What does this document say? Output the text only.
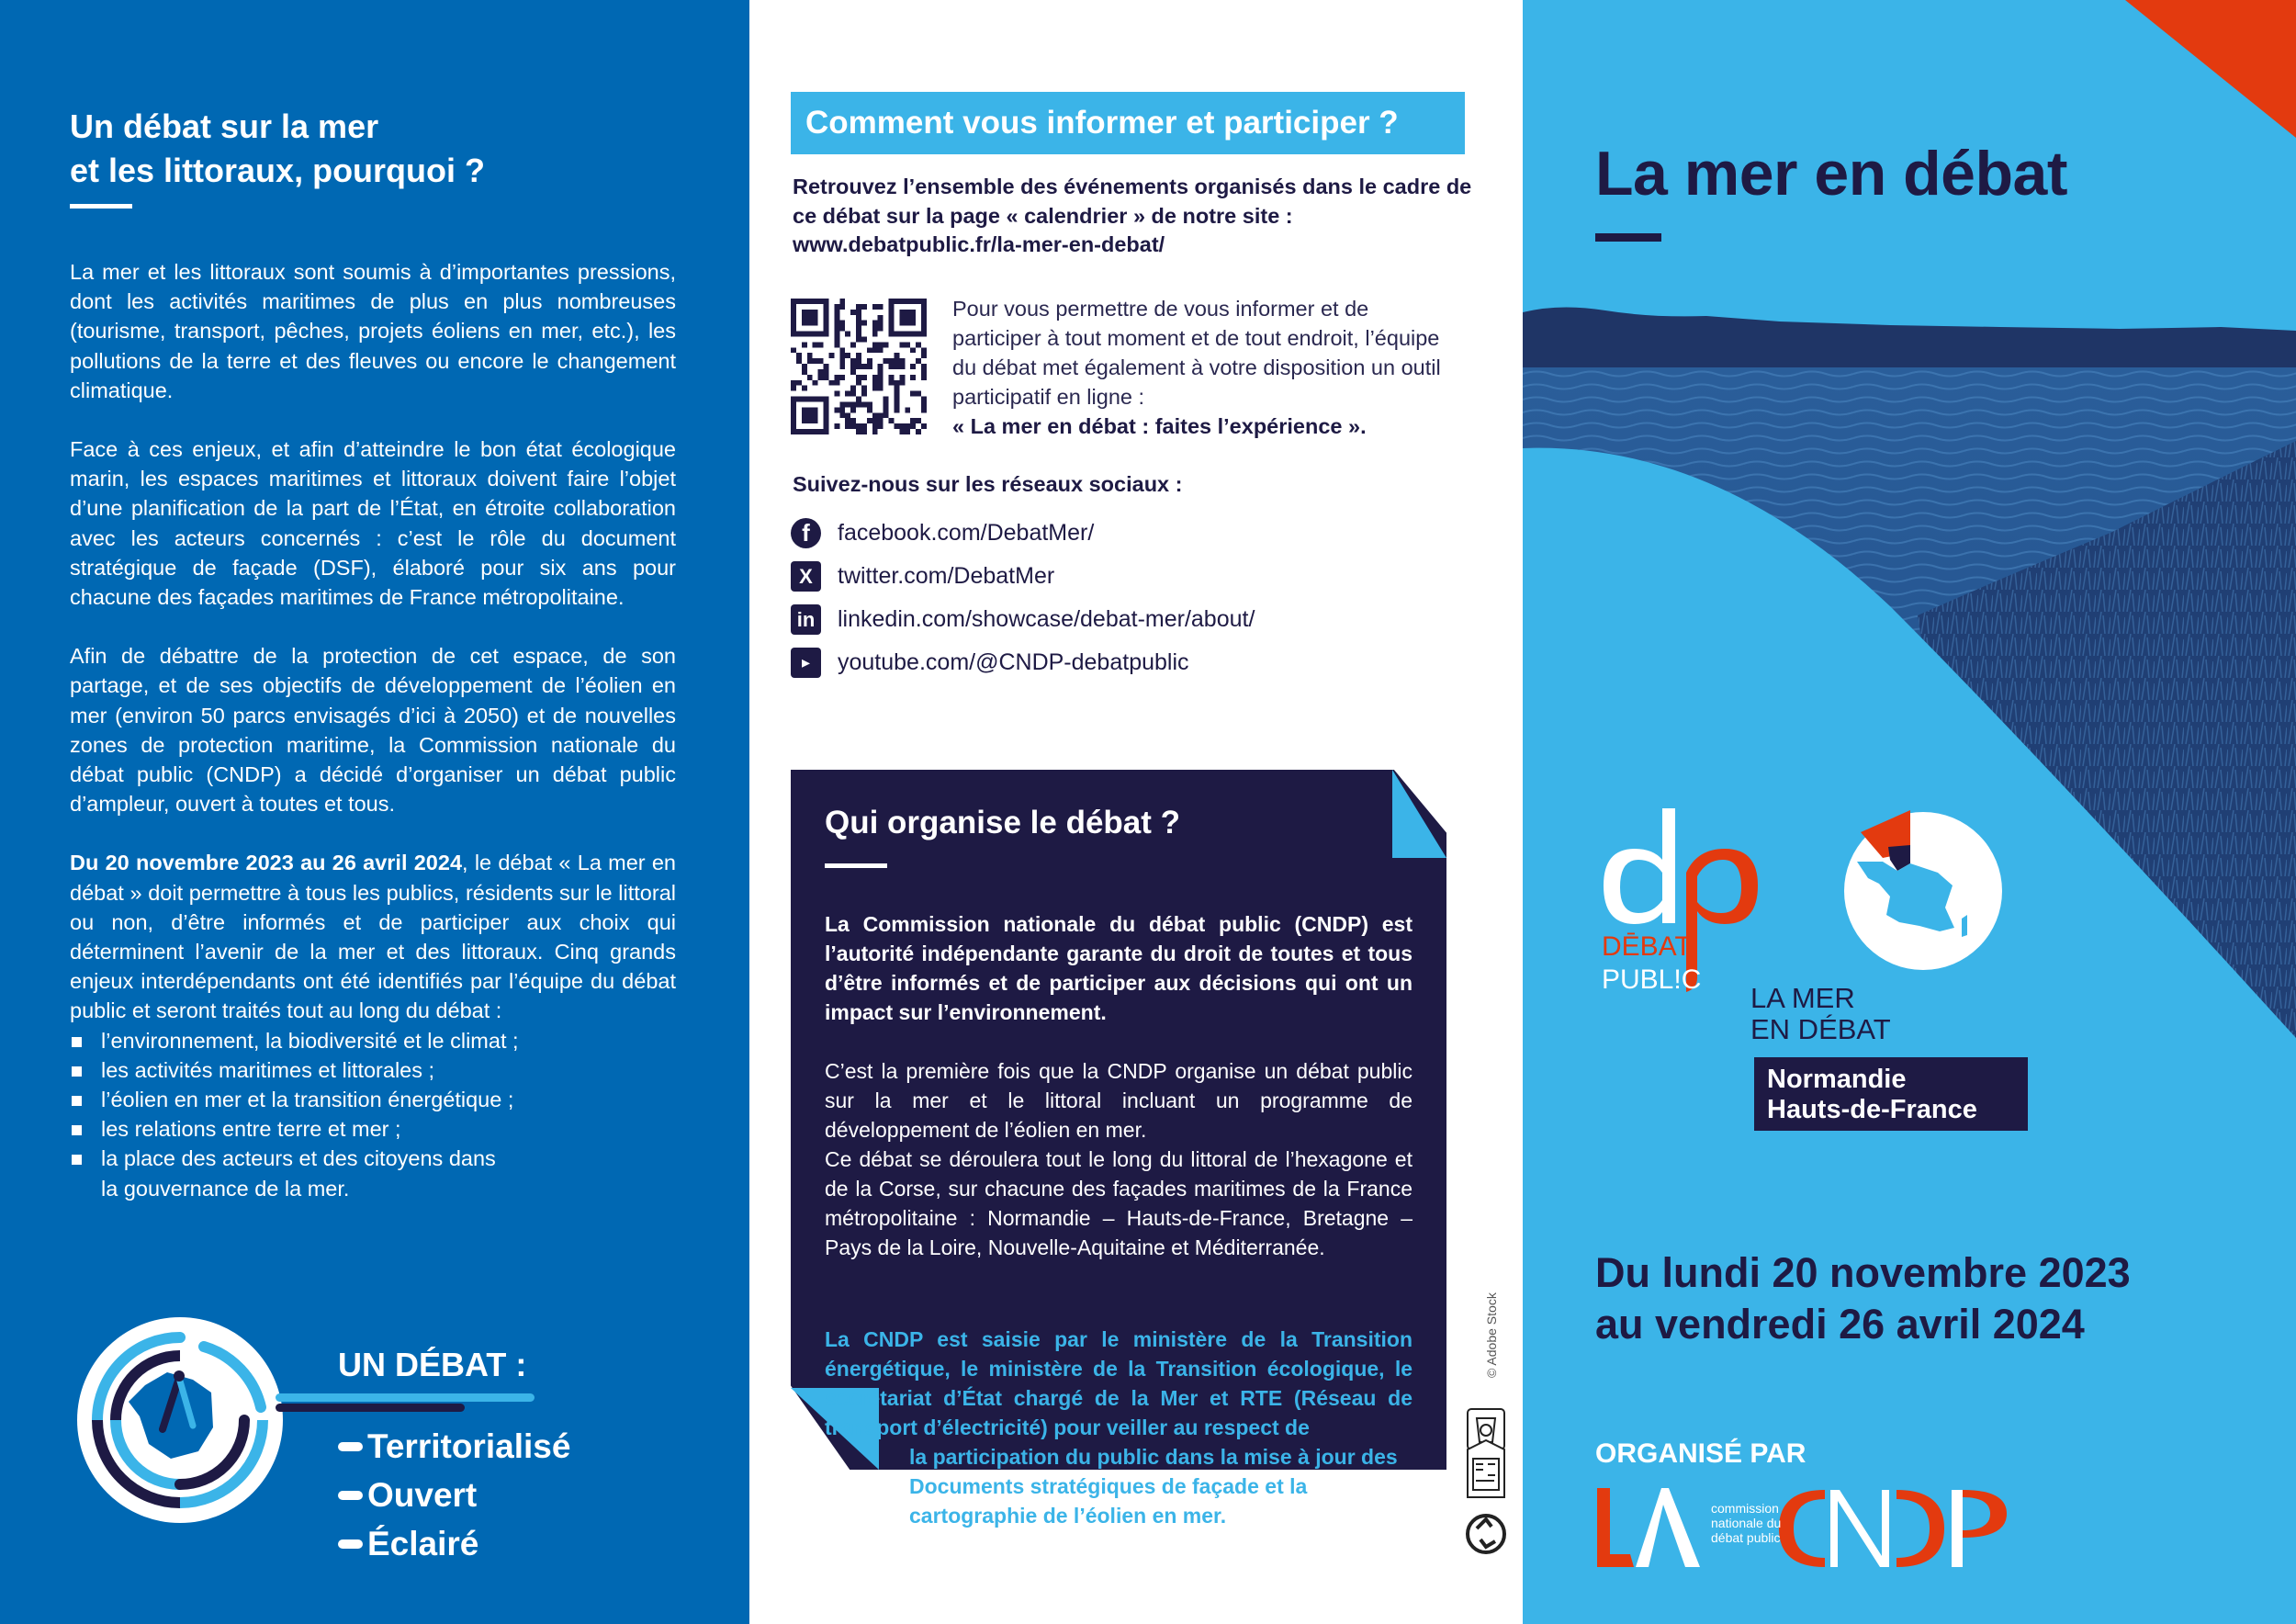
Un débat sur la mer
et les littoraux, pourquoi ?

La mer et les littoraux sont soumis à d’importantes pressions, dont les activités maritimes de plus en plus nombreuses (tourisme, transport, pêches, projets éoliens en mer, etc.), les pollutions de la terre et des fleuves ou encore le changement climatique.

Face à ces enjeux, et afin d’atteindre le bon état écologique marin, les espaces maritimes et littoraux doivent faire l’objet d’une planification de la part de l’État, en étroite collaboration avec les acteurs concernés : c’est le rôle du document stratégique de façade (DSF), élaboré pour six ans pour chacune des façades maritimes de France métropolitaine.

Afin de débattre de la protection de cet espace, de son partage, et de ses objectifs de développement de l’éolien en mer (environ 50 parcs envisagés d’ici à 2050) et de nouvelles zones de protection maritime, la Commission nationale du débat public (CNDP) a décidé d’organiser un débat public d’ampleur, ouvert à toutes et tous.

Du 20 novembre 2023 au 26 avril 2024, le débat « La mer en débat » doit permettre à tous les publics, résidents sur le littoral ou non, d’être informés et de participer aux choix qui déterminent l’avenir de la mer et des littoraux. Cinq grands enjeux interdépendants ont été identifiés par l’équipe du débat public et seront traités tout au long du débat :

l’environnement, la biodiversité et le climat ;
les activités maritimes et littorales ;
l’éolien en mer et la transition énergétique ;
les relations entre terre et mer ;
la place des acteurs et des citoyens dans la gouvernance de la mer.
UN DÉBAT :
Territorialisé
Ouvert
Éclairé
Comment vous informer et participer ?
Retrouvez l’ensemble des événements organisés dans le cadre de ce débat sur la page « calendrier » de notre site :
www.debatpublic.fr/la-mer-en-debat/
Pour vous permettre de vous informer et de participer à tout moment et de tout endroit, l’équipe du débat met également à votre disposition un outil participatif en ligne :
« La mer en débat : faites l’expérience ».
Suivez-nous sur les réseaux sociaux :
f	facebook.com/DebatMer/
X	twitter.com/DebatMer
in linkedin.com/showcase/debat-mer/about/
▸	youtube.com/@CNDP-debatpublic
Qui organise le débat ?
La Commission nationale du débat public (CNDP) est l’autorité indépendante garante du droit de toutes et tous d’être informés et de participer aux décisions qui ont un impact sur l’environnement.

C’est la première fois que la CNDP organise un débat public sur la mer et le littoral incluant un programme de développement de l’éolien en mer.

Ce débat se déroulera tout le long du littoral de l’hexagone et de la Corse, sur chacune des façades maritimes de la France métropolitaine : Normandie – Hauts-de-France, Bretagne – Pays de la Loire, Nouvelle-Aquitaine et Méditerranée.

La CNDP est saisie par le ministère de la Transition énergétique, le ministère de la Transition écologique, le secrétariat d’État chargé de la Mer et RTE (Réseau de transport d’électricité) pour veiller au respect de
la participation du public dans la mise à jour des Documents stratégiques de façade et la cartographie de l’éolien en mer.
© Adobe Stock
La mer en débat
DĒBAT
PUBL!C
LA MER
EN DÉBAT
Normandie
Hauts-de-France
Du lundi 20 novembre 2023
au vendredi 26 avril 2024
ORGANISÉ PAR
commission
nationale du
débat public
